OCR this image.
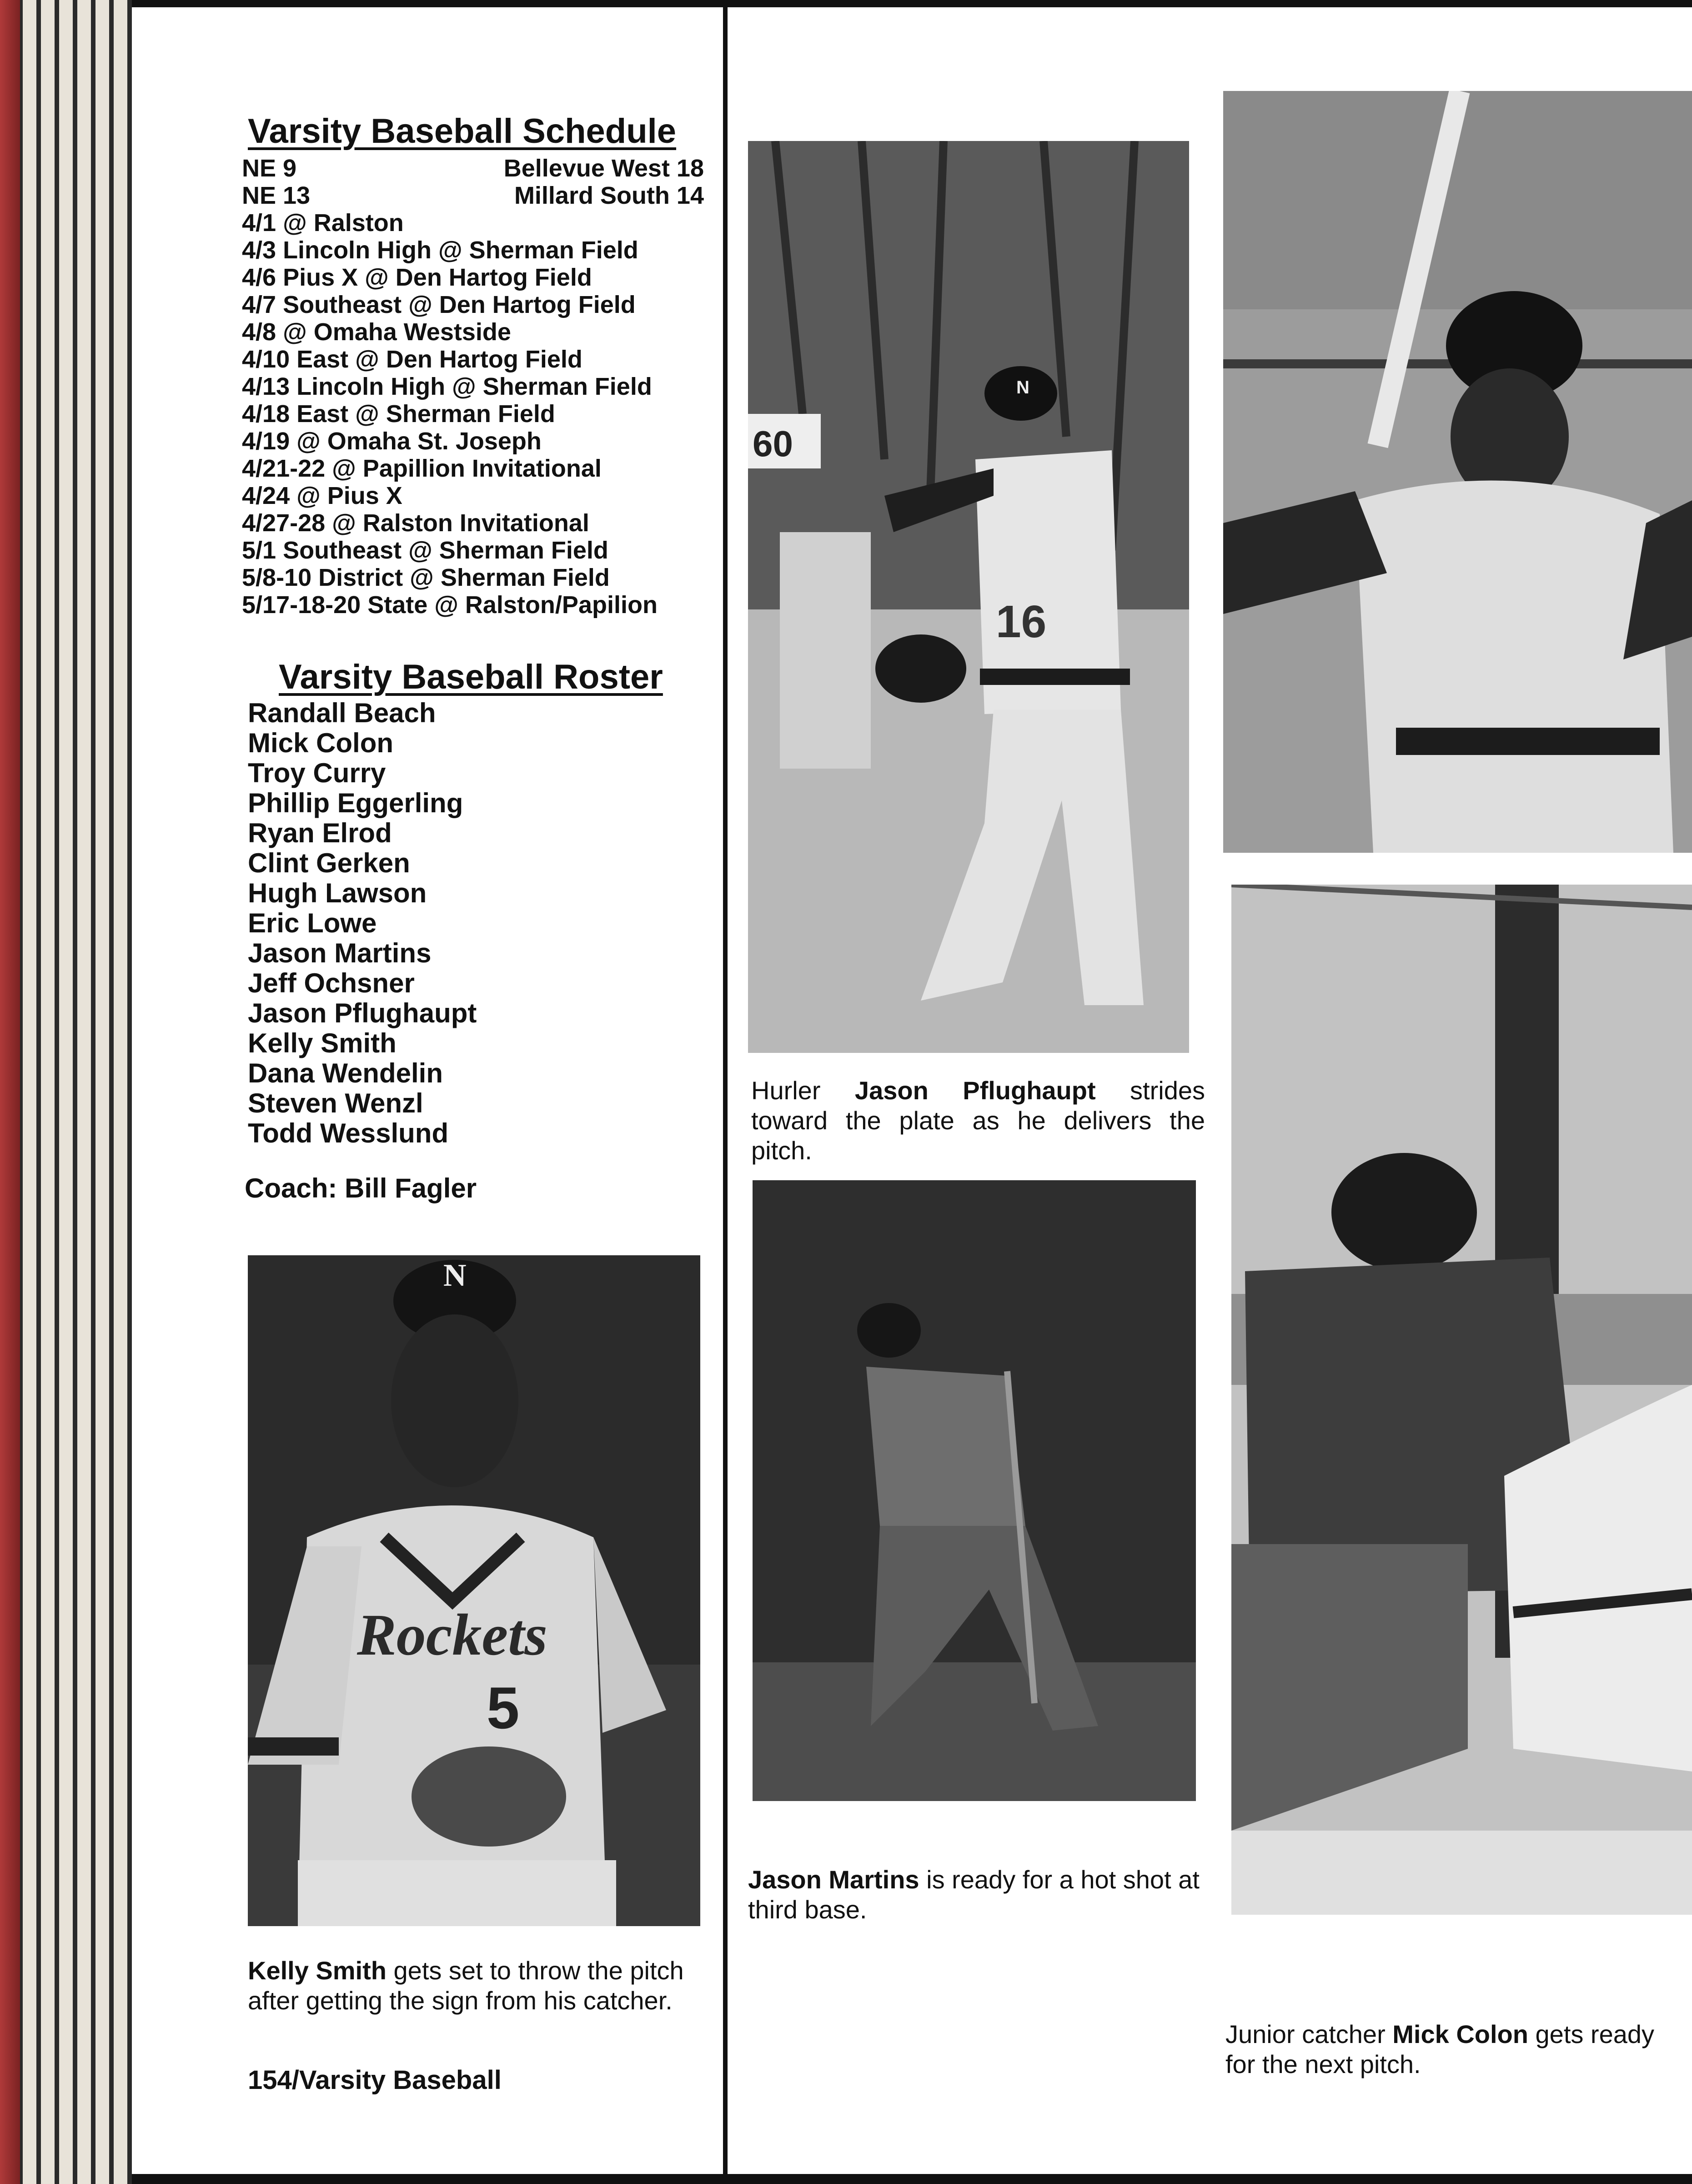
Varsity Baseball Schedule
NE 9	Bellevue West 18
NE 13	Millard South 14
4/1 @ Ralston
4/3 Lincoln High @ Sherman Field
4/6 Pius X @ Den Hartog Field
4/7 Southeast @ Den Hartog Field
4/8 @ Omaha Westside
4/10 East @ Den Hartog Field
4/13 Lincoln High @ Sherman Field
4/18 East @ Sherman Field
4/19 @ Omaha St. Joseph
4/21-22 @ Papillion Invitational
4/24 @ Pius X
4/27-28 @ Ralston Invitational
5/1 Southeast @ Sherman Field
5/8-10 District @ Sherman Field
5/17-18-20 State @ Ralston/Papilion
Varsity Baseball Roster
Randall Beach
Mick Colon
Troy Curry
Phillip Eggerling
Ryan Elrod
Clint Gerken
Hugh Lawson
Eric Lowe
Jason Martins
Jeff Ochsner
Jason Pflughaupt
Kelly Smith
Dana Wendelin
Steven Wenzl
Todd Wesslund
Coach: Bill Fagler
N
Rockets
5
Kelly Smith gets set to throw the pitch after getting the sign from his catcher.
154/Varsity Baseball
60
N
16
Hurler Jason Pflughaupt strides toward the plate as he delivers the pitch.
Jason Martins is ready for a hot shot at third base.
Junior catcher Mick Colon gets ready for the next pitch.
